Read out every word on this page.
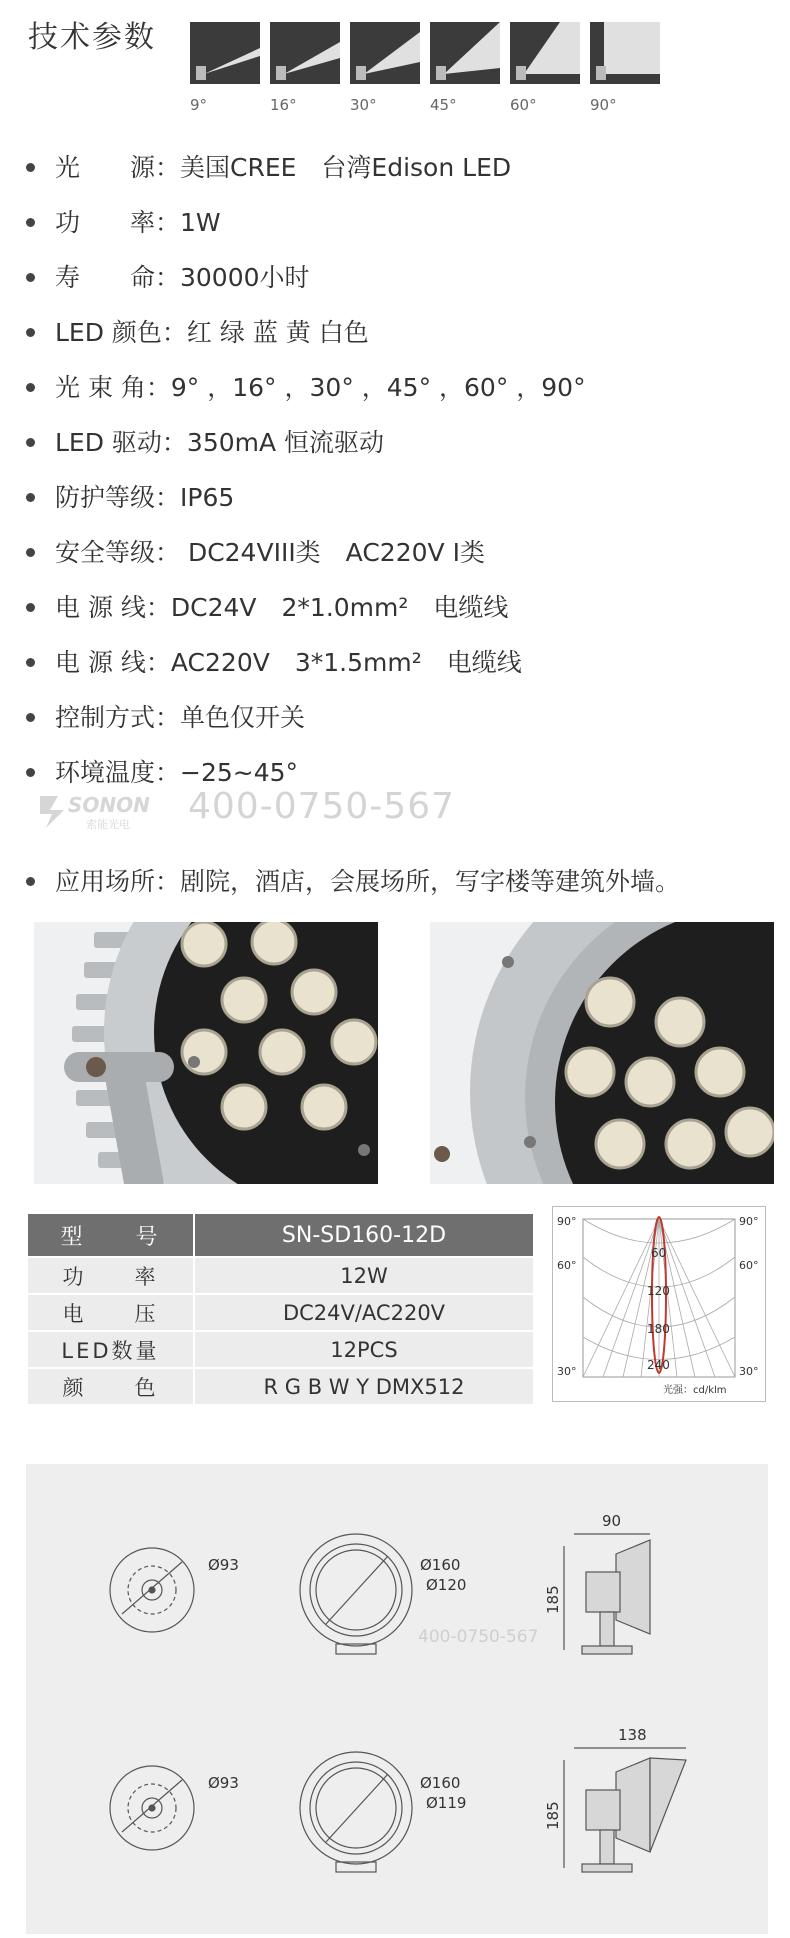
技术参数
9°	16°	30°	45°	60°	90°
光　　源：美国CREE　台湾Edison LED
功　　率：1W
寿　　命：30000小时
LED 颜色：红 绿 蓝 黄 白色
光 束 角：9° ，16° ，30° ，45° ，60° ，90°
LED 驱动：350mA 恒流驱动
防护等级：IP65
安全等级： DC24VIII类　AC220V I类
电 源 线：DC24V　2*1.0mm²　电缆线
电 源 线：AC220V　3*1.5mm²　电缆线
控制方式：单色仅开关
环境温度：−25~45°
应用场所：剧院，酒店，会展场所，写字楼等建筑外墙。
SONON
索能光电 400-0750-567
型　　号	SN-SD160-12D
功　　率	12W
电　　压	DC24V/AC220V
LED数量	12PCS
颜　　色	R G B W Y DMX512
90°	90°
60°	60°
30°	30°
60
120
180
240
光强：cd/klm
Ø93	Ø160
Ø120
90
185
Ø93	Ø160
Ø119
138
185
400-0750-567
